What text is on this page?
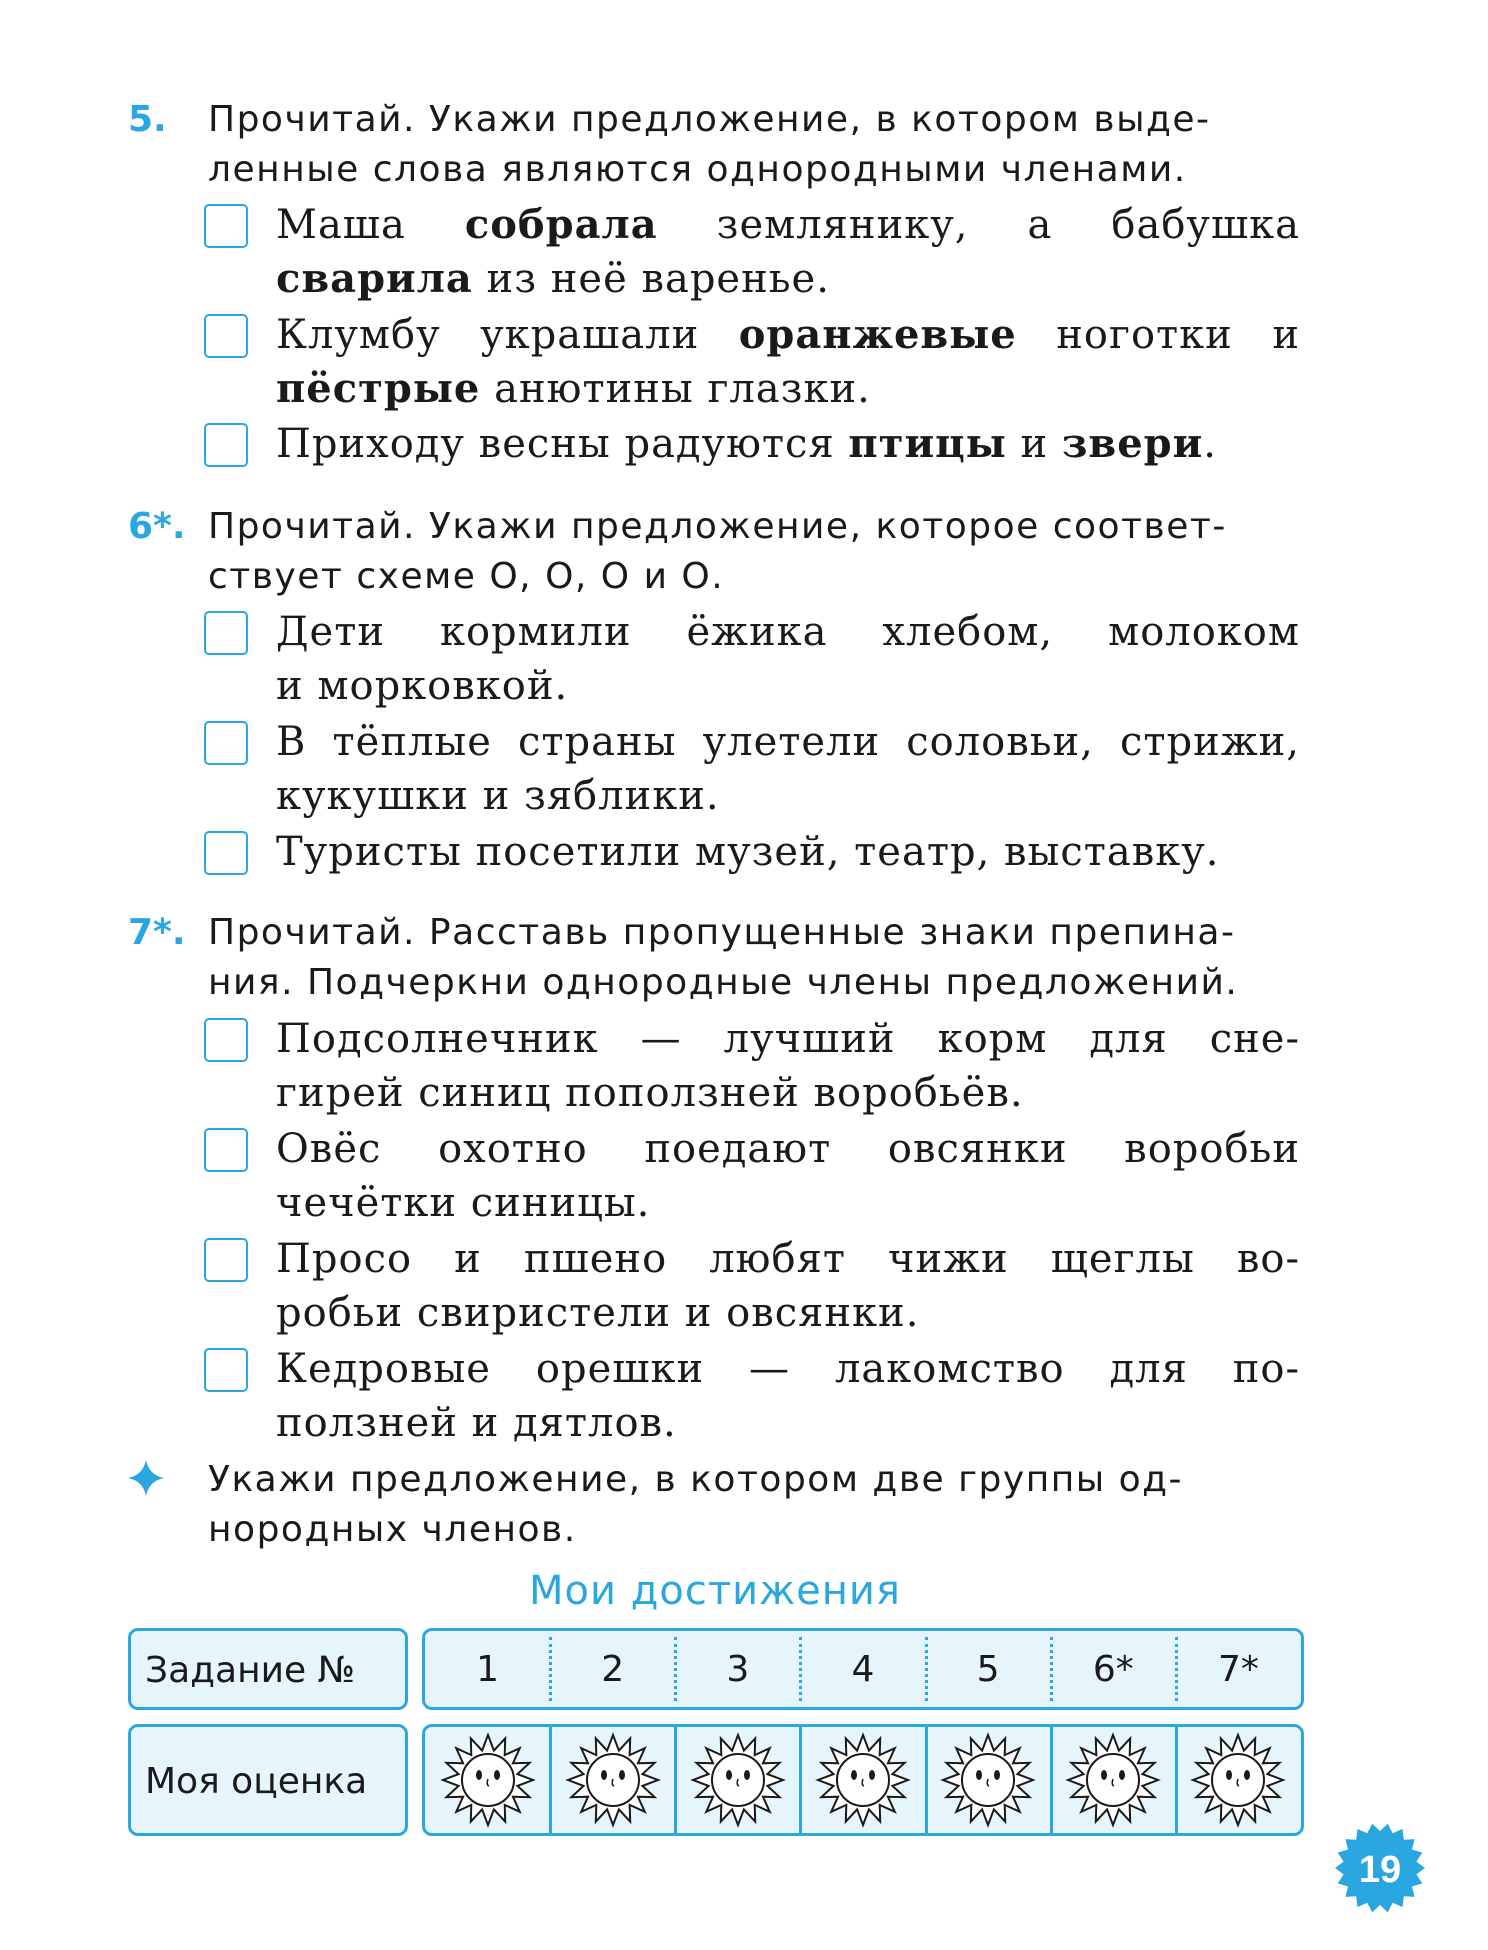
5. Прочитай. Укажи предложение, в котором выде-
ленные слова являются однородными членами.
Маша собрала землянику, а бабушка
сварила из неё варенье.
Клумбу украшали оранжевые ноготки и
пёстрые анютины глазки.
Приходу весны радуются птицы и звери.
6*. Прочитай. Укажи предложение, которое соответ-
ствует схеме О, О, О и О.
Дети кормили ёжика хлебом, молоком
и морковкой.
В тёплые страны улетели соловьи, стрижи,
кукушки и зяблики.
Туристы посетили музей, театр, выставку.
7*. Прочитай. Расставь пропущенные знаки препина-
ния. Подчеркни однородные члены предложений.
Подсолнечник — лучший корм для сне-
гирей синиц поползней воробьёв.
Овёс охотно поедают овсянки воробьи
чечётки синицы.
Просо и пшено любят чижи щеглы во-
робьи свиристели и овсянки.
Кедровые орешки — лакомство для по-
ползней и дятлов.
Укажи предложение, в котором две группы од-
нородных членов.
Мои достижения
Задание №	1	2	3	4	5	6*	7*
Моя оценка
19
